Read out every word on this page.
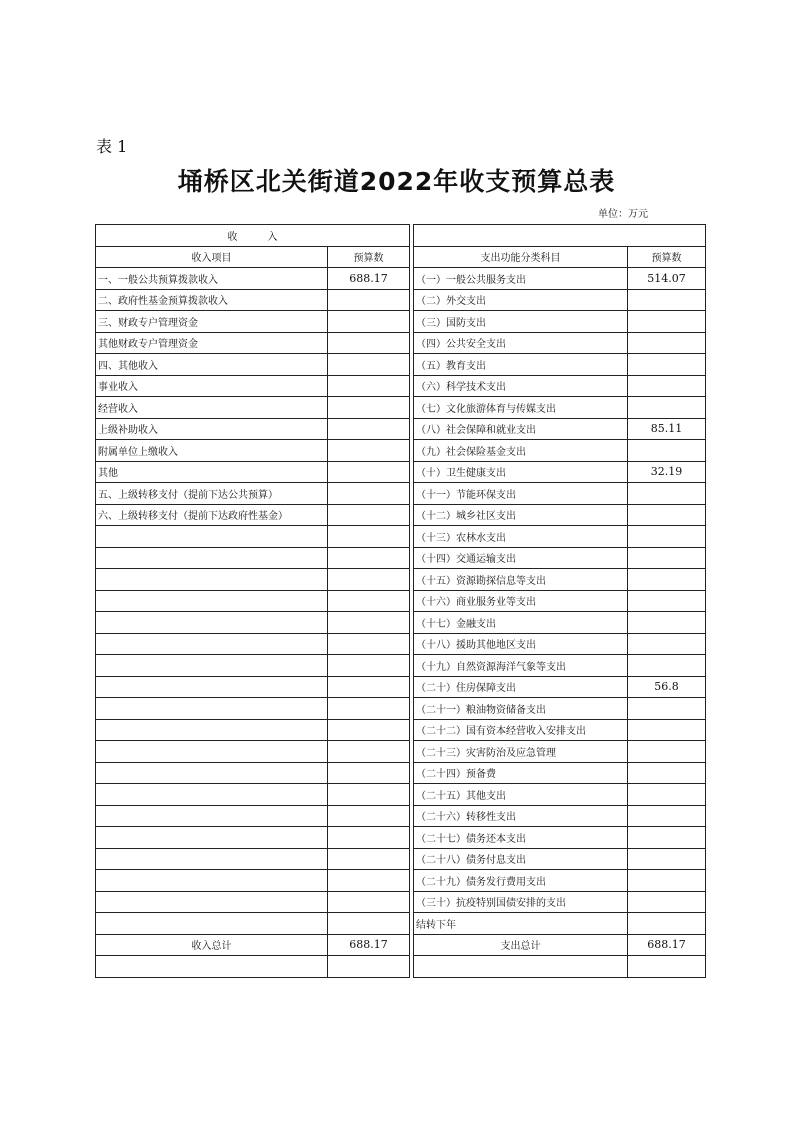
表 1
埇桥区北关街道2022年收支预算总表
单位：万元
收　　　入				
收入项目	预算数		支出功能分类科目	预算数
一、一般公共预算拨款收入	688.17		（一）一般公共服务支出	514.07
二、政府性基金预算拨款收入			（二）外交支出	
三、财政专户管理资金			（三）国防支出	
其他财政专户管理资金			（四）公共安全支出	
四、其他收入			（五）教育支出	
事业收入			（六）科学技术支出	
经营收入			（七）文化旅游体育与传媒支出	
上级补助收入			（八）社会保障和就业支出	85.11
附属单位上缴收入			（九）社会保险基金支出	
其他			（十）卫生健康支出	32.19
五、上级转移支付（提前下达公共预算）			（十一）节能环保支出	
六、上级转移支付（提前下达政府性基金）			（十二）城乡社区支出	
			（十三）农林水支出	
			（十四）交通运输支出	
			（十五）资源勘探信息等支出	
			（十六）商业服务业等支出	
			（十七）金融支出	
			（十八）援助其他地区支出	
			（十九）自然资源海洋气象等支出	
			（二十）住房保障支出	56.8
			（二十一）粮油物资储备支出	
			（二十二）国有资本经营收入安排支出	
			（二十三）灾害防治及应急管理	
			（二十四）预备费	
			（二十五）其他支出	
			（二十六）转移性支出	
			（二十七）债务还本支出	
			（二十八）债务付息支出	
			（二十九）债务发行费用支出	
			（三十）抗疫特别国债安排的支出	
			结转下年	
收入总计	688.17		支出总计	688.17
